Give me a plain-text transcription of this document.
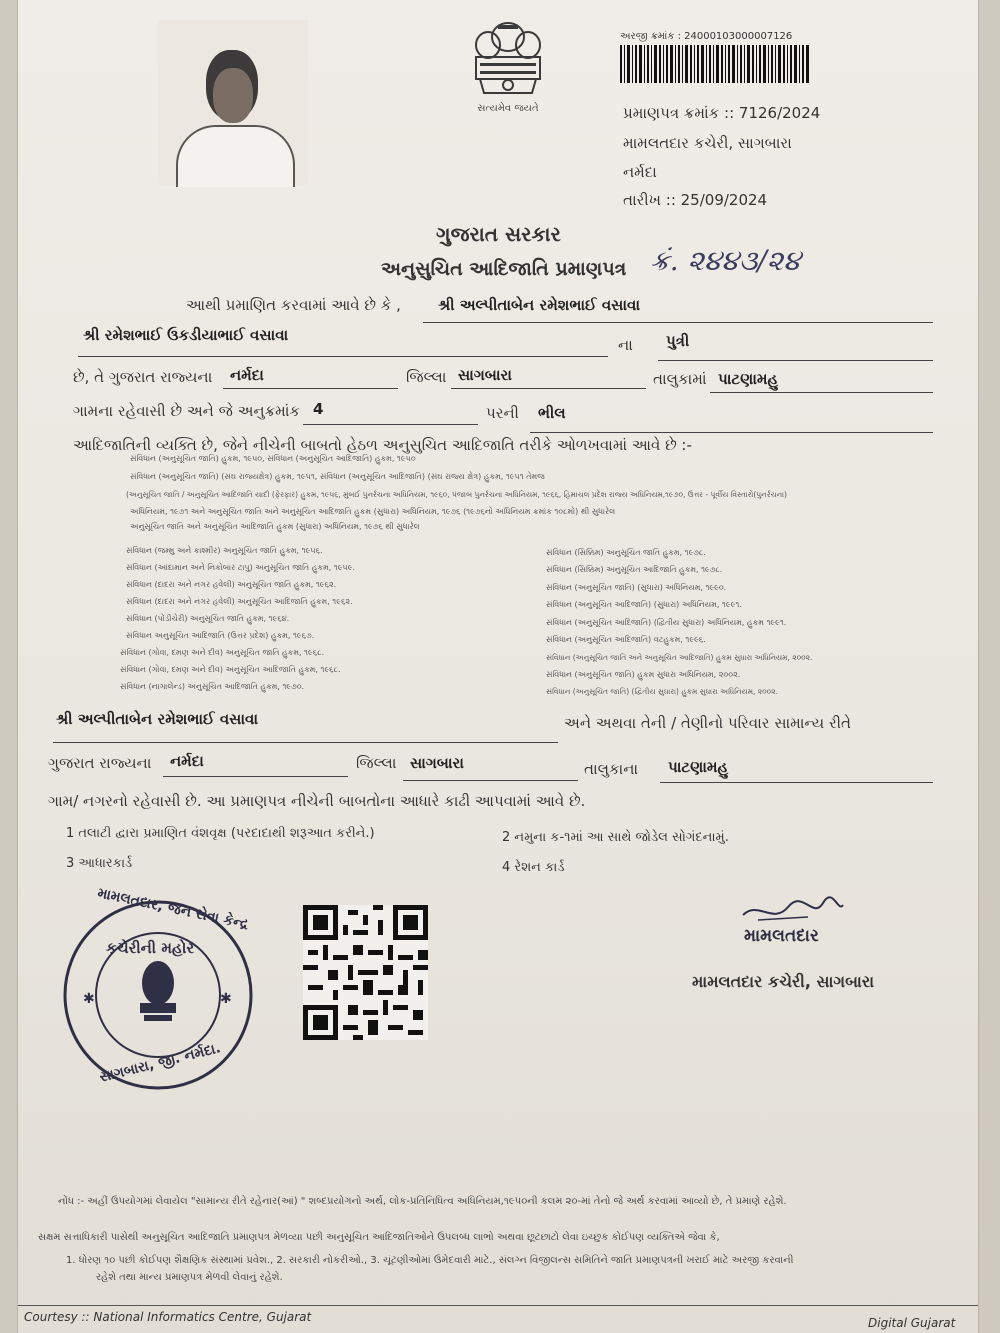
સત્યમેવ જયતે
અરજી ક્રમાંક : 24000103000007126
પ્રમાણપત્ર ક્રમાંક :: 7126/2024
મામલતદાર કચેરી, સાગબારા
નર્મદા
તારીખ :: 25/09/2024
ગુજરાત સરકાર
અનુસુચિત આદિજાતિ પ્રમાણપત્ર ક્રં. ૨૪૪૩/૨૪
આથી પ્રમાણિત કરવામાં આવે છે કે , શ્રી અલ્પીતાબેન રમેશભાઈ વસાવા
શ્રી રમેશભાઈ ઉકડીયાભાઈ વસાવા
ના પુત્રી
છે, તે ગુજરાત રાજ્યના નર્મદા	જિલ્લા સાગબારા	તાલુકામાં પાટણામહુ
ગામના રહેવાસી છે અને જે અનુક્રમાંક 4	પરની ભીલ
આદિજાતિની વ્યક્તિ છે, જેને નીચેની બાબતો હેઠળ અનુસુચિત આદિજાતિ તરીકે ઓળખવામાં આવે છે :-
સંવિધાન (અનુસૂચિત જાતિ) હુકમ, ૧૯૫૦, સંવિધાન (અનુસૂચિત આદિજાતિ) હુકમ, ૧૯૫૦
સંવિધાન (અનુસૂચિત જાતિ) (સંઘ રાજ્યક્ષેત્ર) હુકમ, ૧૯૫૧, સંવિધાન (અનુસૂચિત આદિજાતિ) (સંઘ રાજ્ય ક્ષેત્ર) હુકમ, ૧૯૫૧ તેમજ
(અનુસૂચિત જાતિ / અનુસૂચિત આદિજાતિ યાદી (ફેરફાર) હુકમ, ૧૯૫૬, મુંબઈ પુનર્રચના અધિનિયમ, ૧૯૬૦, પંજાબ પુનર્રચના અધિનિયમ, ૧૯૬૬, હિમાચલ પ્રદેશ રાજ્ય અધિનિયમ,૧૯૭૦, ઉત્તર - પૂર્વીય વિસ્તારો(પુનર્રચના)
અધિનિયમ, ૧૯૭૧ અને અનુસૂચિત જાતિ અને અનુસૂચિત આદિજાતિ હુકમ (સુધારા) અધિનિયમ, ૧૯૭૬ (૧૯૭૬નો અધિનિયમ ક્રમાંક ૧૦૮મો) થી સુધારેલ
અનુસૂચિત જાતિ અને અનુસૂચિત આદિજાતિ હુકમ (સુધારા) અધિનિયમ, ૧૯૭૬ થી સુધારેલ
સંવિધાન (જમ્મુ અને કાશ્મીર) અનુસૂચિત જાતિ હુકમ, ૧૯૫૬.
સંવિધાન (આંદામાન અને નિકોબાર ટાપુ) અનુસૂચિત જાતિ હુકમ, ૧૯૫૯.
સંવિધાન (દાદરા અને નગર હવેલી) અનુસૂચિત જાતિ હુકમ, ૧૯૬૨.
સંવિધાન (દાદરા અને નગર હવેલી) અનુસૂચિત આદિજાતિ હુકમ, ૧૯૬૨.
સંવિધાન (પોંડીચેરી) અનુસૂચિત જાતિ હુકમ, ૧૯૬૪.
સંવિધાન અનુસૂચિત આદિજાતિ (ઉત્તર પ્રદેશ) હુકમ, ૧૯૬૭.
સંવિધાન (ગોવા, દમણ અને દીવ) અનુસૂચિત જાતિ હુકમ, ૧૯૬૮.
સંવિધાન (ગોવા, દમણ અને દીવ) અનુસૂચિત આદિજાતિ હુકમ, ૧૯૬૮.
સંવિધાન (નાગાલેન્ડ) અનુસૂચિત આદિજાતિ હુકમ, ૧૯૭૦.
સંવિધાન (સિક્કિમ) અનુસૂચિત જાતિ હુકમ, ૧૯૭૮.
સંવિધાન (સિક્કિમ) અનુસૂચિત આદિજાતિ હુકમ, ૧૯૭૮.
સંવિધાન (અનુસૂચિત જાતિ) (સુધારા) અધિનિયમ, ૧૯૯૦.
સંવિધાન (અનુસૂચિત આદિજાતિ) (સુધારા) અધિનિયમ, ૧૯૯૧.
સંવિધાન (અનુસૂચિત આદિજાતિ) (દ્વિતીય સુધારા) અધિનિયમ, હુકમ ૧૯૯૧.
સંવિધાન (અનુસૂચિત આદિજાતિ) વટહુકમ, ૧૯૯૬.
સંવિધાન (અનુસૂચિત જાતિ અને અનુસૂચિત આદિજાતિ) હુકમ સુધારા અધિનિયમ, ૨૦૦૨.
સંવિધાન (અનુસૂચિત જાતિ) હુકમ સુધારા અધિનિયમ, ૨૦૦૨.
સંવિધાન (અનુસૂચિત જાતિ) (દ્વિતીય સુધારા) હુકમ સુધારા અધિનિયમ, ૨૦૦૨.
શ્રી અલ્પીતાબેન રમેશભાઈ વસાવા	અને અથવા તેની / તેણીનો પરિવાર સામાન્ય રીતે
ગુજરાત રાજ્યના નર્મદા	જિલ્લા સાગબારા	તાલુકાના પાટણામહુ
ગામ/ નગરનો રહેવાસી છે. આ પ્રમાણપત્ર નીચેની બાબતોના આધારે કાઢી આપવામાં આવે છે.
1 તલાટી દ્વારા પ્રમાણિત વંશવૃક્ષ (પરદાદાથી શરૂઆત કરીને.)	2 નમુના ક-૧માં આ સાથે જોડેલ સોગંદનામું.
3 આધારકાર્ડ	4 રેશન કાર્ડ
✱	✱
મામલતદાર, જન સેવા કેન્દ્ર
કચેરીની મહોર
સાગબારા, જી. નર્મદા.
મામલતદાર
મામલતદાર કચેરી, સાગબારા
નોંધ :- અહીં ઉપયોગમાં લેવાયેલ "સામાન્ય રીતે રહેનાર(આં) " શબ્દપ્રયોગનો અર્થ, લોક-પ્રતિનિધિત્વ અધિનિયમ,૧૯૫૦ની કલમ ૨૦-માં તેનો જે અર્થ કરવામાં આવ્યો છે, તે પ્રમાણે રહેશે.
સક્ષમ સત્તાધિકારી પાસેથી અનુસૂચિત આદિજાતિ પ્રમાણપત્ર મેળવ્યા પછી અનુસૂચિત આદિજાતિઓને ઉપલબ્ધ લાભો અથવા છૂટછાટો લેવા ઇચ્છુક કોઈપણ વ્યક્તિએ જેવા કે,
1. ધોરણ ૧૦ પછી કોઈપણ શૈક્ષણિક સંસ્થામાં પ્રવેશ., 2. સરકારી નોકરીઓ., 3. ચૂંટણીઓમાં ઉમેદવારી માટે., સંલગ્ન વિજીલન્સ સમિતિને જાતિ પ્રમાણપત્રની ખરાઈ માટે અરજી કરવાની
રહેશે તથા માન્ય પ્રમાણપત્ર મેળવી લેવાનું રહેશે.
Courtesy :: National Informatics Centre, Gujarat	Digital Gujarat
